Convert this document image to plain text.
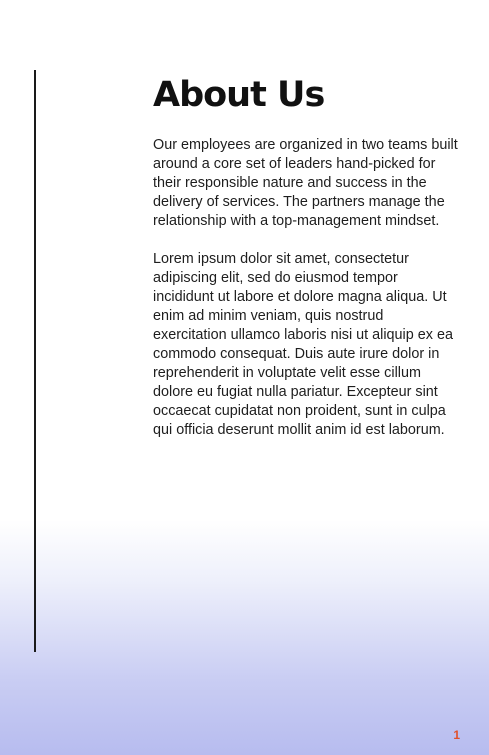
About Us

Our employees are organized in two teams built around a core set of leaders hand-picked for their responsible nature and success in the delivery of services. The partners manage the relationship with a top-management mindset.

Lorem ipsum dolor sit amet, consectetur adipiscing elit, sed do eiusmod tempor incididunt ut labore et dolore magna aliqua. Ut enim ad minim veniam, quis nostrud exercitation ullamco laboris nisi ut aliquip ex ea commodo consequat. Duis aute irure dolor in reprehenderit in voluptate velit esse cillum dolore eu fugiat nulla pariatur. Excepteur sint occaecat cupidatat non proident, sunt in culpa qui officia deserunt mollit anim id est laborum.

1
